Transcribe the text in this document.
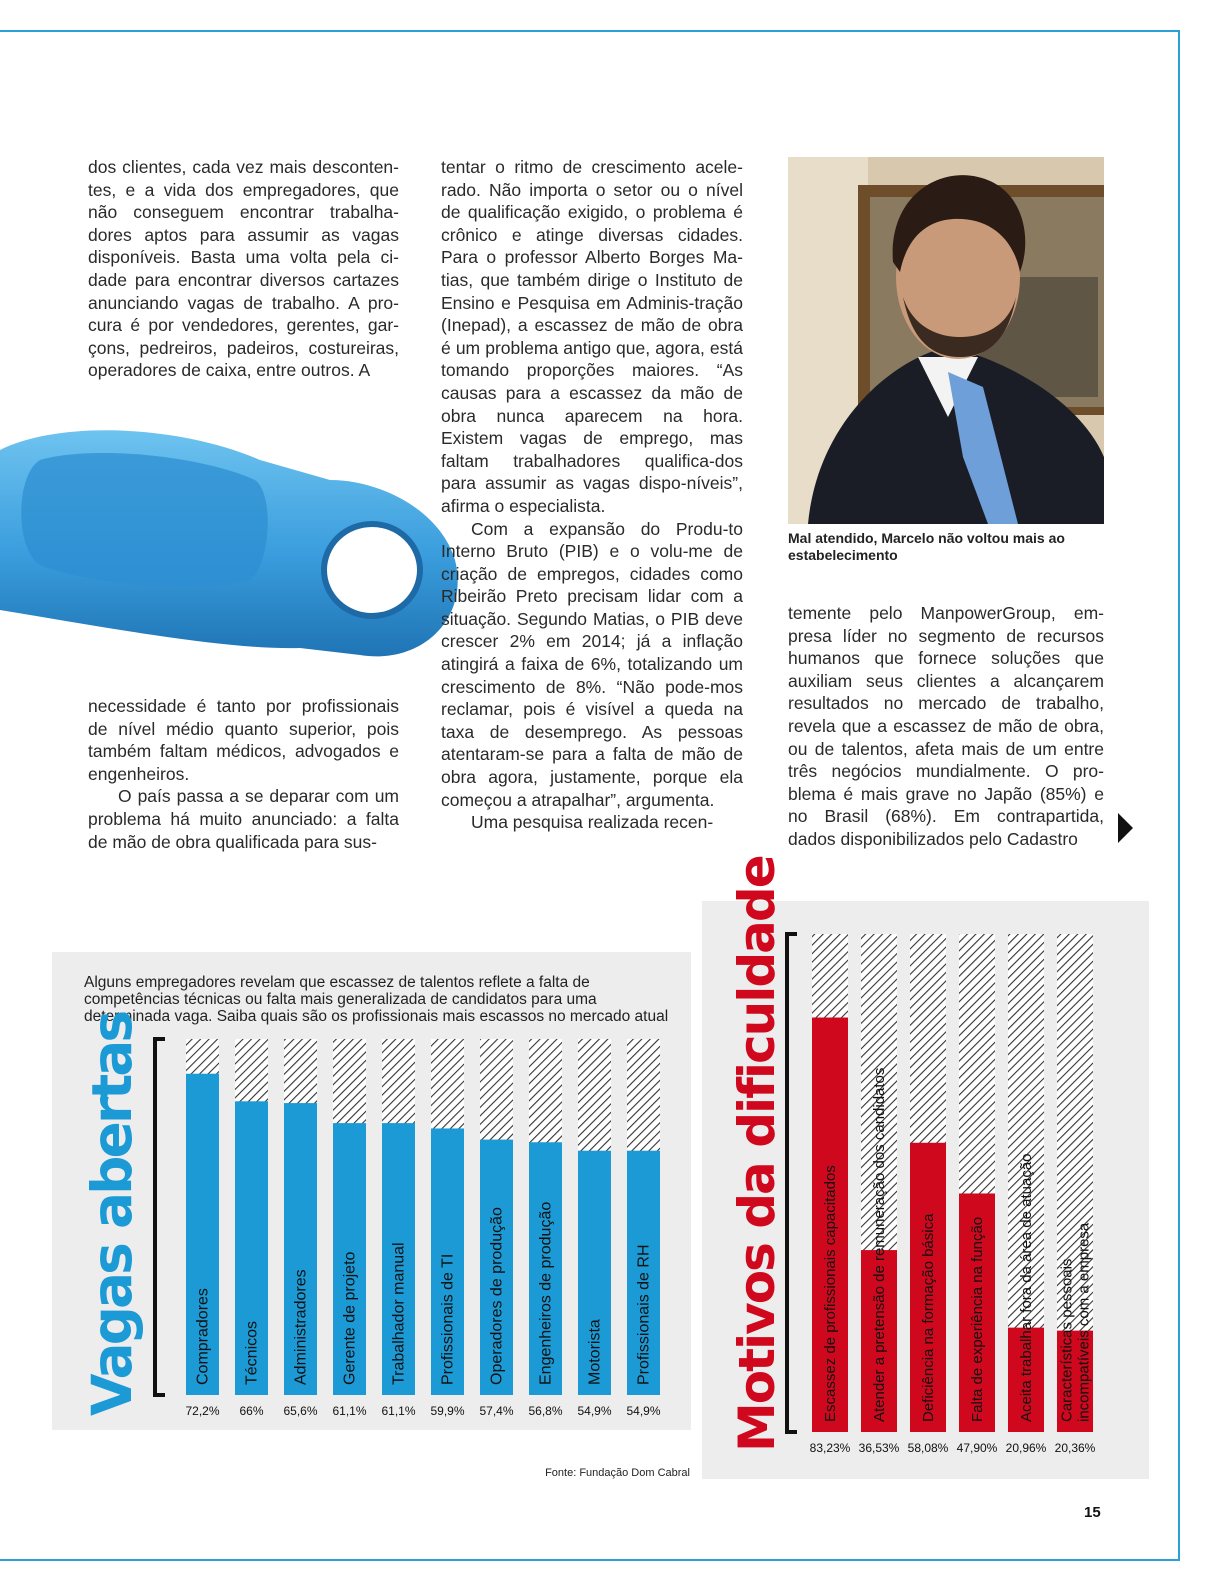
dos clientes, cada vez mais desconten-tes, e a vida dos empregadores, que não conseguem encontrar trabalha-dores aptos para assumir as vagas disponíveis. Basta uma volta pela ci-dade para encontrar diversos cartazes anunciando vagas de trabalho. A pro-cura é por vendedores, gerentes, gar-çons, pedreiros, padeiros, costureiras, operadores de caixa, entre outros. A

necessidade é tanto por profissionais de nível médio quanto superior, pois também faltam médicos, advogados e engenheiros.

O país passa a se deparar com um problema há muito anunciado: a falta de mão de obra qualificada para sus-

tentar o ritmo de crescimento acele-rado. Não importa o setor ou o nível de qualificação exigido, o problema é crônico e atinge diversas cidades. Para o professor Alberto Borges Ma-tias, que também dirige o Instituto de Ensino e Pesquisa em Adminis-tração (Inepad), a escassez de mão de obra é um problema antigo que, agora, está tomando proporções maiores. “As causas para a escassez da mão de obra nunca aparecem na hora. Existem vagas de emprego, mas faltam trabalhadores qualifica-dos para assumir as vagas dispo-níveis”, afirma o especialista.

Com a expansão do Produ-to Interno Bruto (PIB) e o volu-me de criação de empregos, cidades como Ribeirão Preto precisam lidar com a situação. Segundo Matias, o PIB deve crescer 2% em 2014; já a inflação atingirá a faixa de 6%, totalizando um crescimento de 8%. “Não pode-mos reclamar, pois é visível a queda na taxa de desemprego. As pessoas atentaram-se para a falta de mão de obra agora, justamente, porque ela começou a atrapalhar”, argumenta.

Uma pesquisa realizada recen-

Mal atendido, Marcelo não voltou mais ao estabelecimento

temente pelo ManpowerGroup, em-presa líder no segmento de recursos humanos que fornece soluções que auxiliam seus clientes a alcançarem resultados no mercado de trabalho, revela que a escassez de mão de obra, ou de talentos, afeta mais de um entre três negócios mundialmente. O pro-blema é mais grave no Japão (85%) e no Brasil (68%). Em contrapartida, dados disponibilizados pelo Cadastro

Alguns empregadores revelam que escassez de talentos reflete a falta de competências técnicas ou falta mais generalizada de candidatos para uma determinada vaga. Saiba quais são os profissionais mais escassos no mercado atual
Vagas abertas	Motivos da dificuldade
Compradores
72,2%
Técnicos
66%
Administradores
65,6%
Gerente de projeto
61,1%
Trabalhador manual
61,1%
Profissionais de TI
59,9%
Operadores de produção
57,4%
Engenheiros de produção
56,8%
Motorista
54,9%
Profissionais de RH
54,9%	Escassez de profissionais capacitados
83,23%
Atender a pretensão de remuneração dos candidatos
36,53%
Deficiência na formação básica
58,08%
Falta de experiência na função
47,90%
Aceita trabalhar fora da área de atuação
20,96%
Características pessoaisincompatíveis com a empresa
20,36%
Fonte: Fundação Dom Cabral
15
